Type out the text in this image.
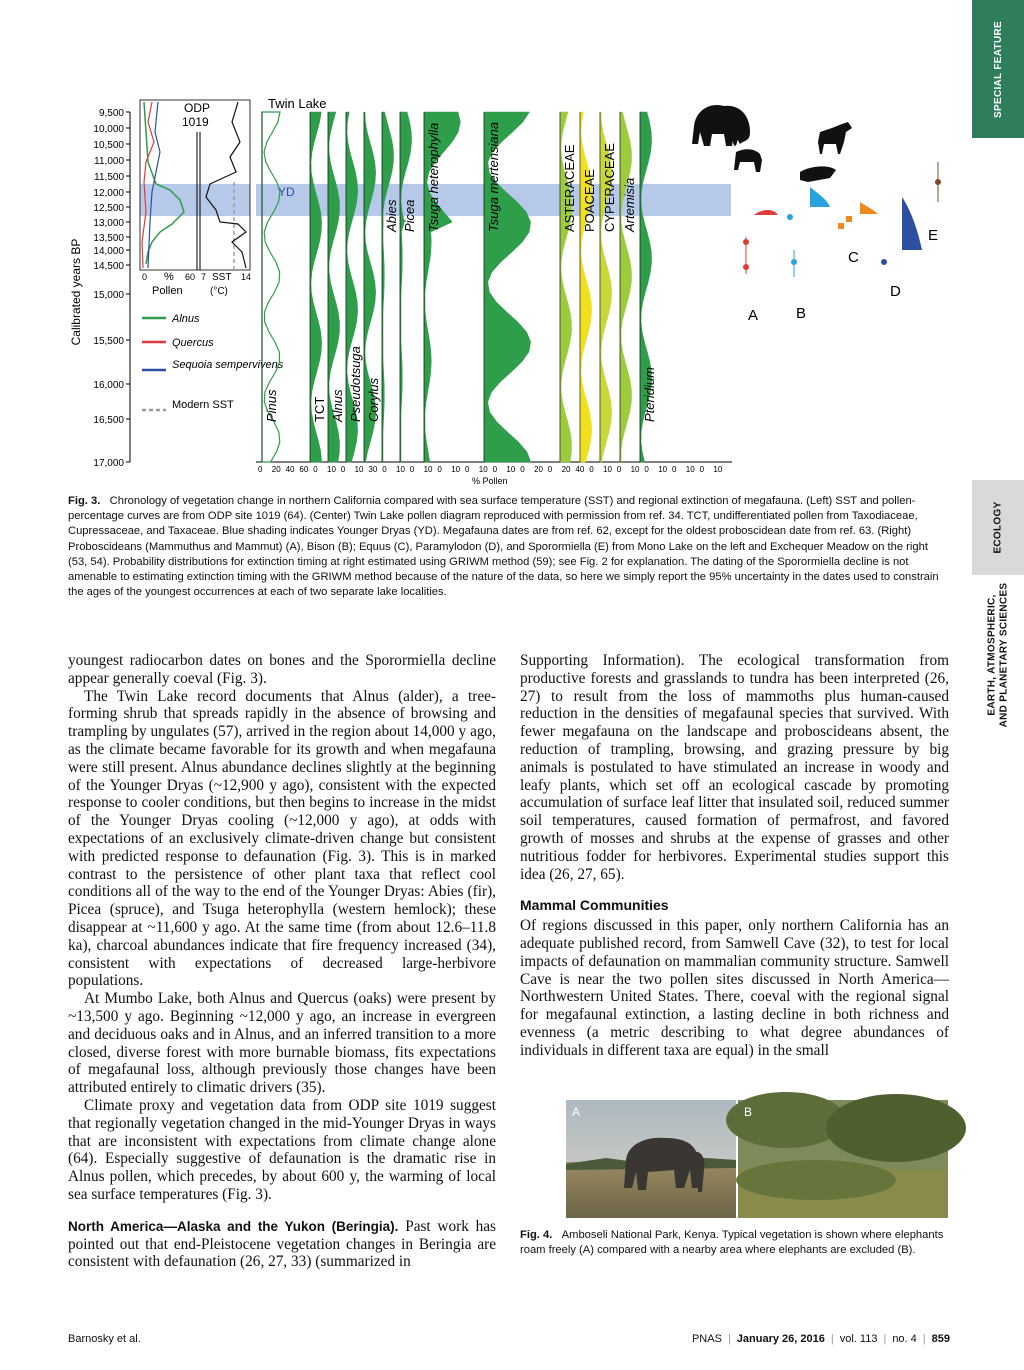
SPECIAL FEATURE
ECOLOGY
EARTH, ATMOSPHERIC,
AND PLANETARY SCIENCES
Calibrated years BP
9,500
10,000
10,500
11,000
11,500
12,000
12,500
13,000
13,500
14,000
14,500
15,000
15,500
16,000
16,500
17,000
ODP
1019
0	60 7	14
%
Pollen
SST
(°C)
Alnus
Quercus
Sequoia sempervivens
Modern SST
Twin Lake
YD
Pinus	TCT Alnus Pseudotsuga Corylus
Abies Picea Tsuga heterophylla	Tsuga mertensiana	ASTERACEAE POACEAE CYPERACEAE Artemisia
Pteridium
0 20 40 60 0 10 0 10 30 0 10 0 10 0 10 0 10 0 10 0 20 0 20 40 0 10 0 10 0 10 0 10 0 10
% Pollen
A	B
C
D
E
Fig. 3. Chronology of vegetation change in northern California compared with sea surface temperature (SST) and regional extinction of megafauna. (Left) SST and pollen-percentage curves are from ODP site 1019 (64). (Center) Twin Lake pollen diagram reproduced with permission from ref. 34. TCT, undifferentiated pollen from Taxodiaceae, Cupressaceae, and Taxaceae. Blue shading indicates Younger Dryas (YD). Megafauna dates are from ref. 62, except for the oldest proboscidean date from ref. 63. (Right) Proboscideans (Mammuthus and Mammut) (A), Bison (B); Equus (C), Paramylodon (D), and Sporormiella (E) from Mono Lake on the left and Exchequer Meadow on the right (53, 54). Probability distributions for extinction timing at right estimated using GRIWM method (59); see Fig. 2 for explanation. The dating of the Sporormiella decline is not amenable to estimating extinction timing with the GRIWM method because of the nature of the data, so here we simply report the 95% uncertainty in the dates used to constrain the ages of the youngest occurrences at each of two separate lake localities.

youngest radiocarbon dates on bones and the Sporormiella decline appear generally coeval (Fig. 3).

The Twin Lake record documents that Alnus (alder), a tree-forming shrub that spreads rapidly in the absence of browsing and trampling by ungulates (57), arrived in the region about 14,000 y ago, as the climate became favorable for its growth and when megafauna were still present. Alnus abundance declines slightly at the beginning of the Younger Dryas (~12,900 y ago), consistent with the expected response to cooler conditions, but then begins to increase in the midst of the Younger Dryas cooling (~12,000 y ago), at odds with expectations of an exclusively climate-driven change but consistent with predicted response to defaunation (Fig. 3). This is in marked contrast to the persistence of other plant taxa that reflect cool conditions all of the way to the end of the Younger Dryas: Abies (fir), Picea (spruce), and Tsuga heterophylla (western hemlock); these disappear at ~11,600 y ago. At the same time (from about 12.6–11.8 ka), charcoal abundances indicate that fire frequency increased (34), consistent with expectations of decreased large-herbivore populations.

At Mumbo Lake, both Alnus and Quercus (oaks) were present by ~13,500 y ago. Beginning ~12,000 y ago, an increase in evergreen and deciduous oaks and in Alnus, and an inferred transition to a more closed, diverse forest with more burnable biomass, fits expectations of megafaunal loss, although previously those changes have been attributed entirely to climatic drivers (35).

Climate proxy and vegetation data from ODP site 1019 suggest that regionally vegetation changed in the mid-Younger Dryas in ways that are inconsistent with expectations from climate change alone (64). Especially suggestive of defaunation is the dramatic rise in Alnus pollen, which precedes, by about 600 y, the warming of local sea surface temperatures (Fig. 3).

North America—Alaska and the Yukon (Beringia). Past work has pointed out that end-Pleistocene vegetation changes in Beringia are consistent with defaunation (26, 27, 33) (summarized in

Supporting Information). The ecological transformation from productive forests and grasslands to tundra has been interpreted (26, 27) to result from the loss of mammoths plus human-caused reduction in the densities of megafaunal species that survived. With fewer megafauna on the landscape and proboscideans absent, the reduction of trampling, browsing, and grazing pressure by big animals is postulated to have stimulated an increase in woody and leafy plants, which set off an ecological cascade by promoting accumulation of surface leaf litter that insulated soil, reduced summer soil temperatures, caused formation of permafrost, and favored growth of mosses and shrubs at the expense of grasses and other nutritious fodder for herbivores. Experimental studies support this idea (26, 27, 65).

Mammal Communities

Of regions discussed in this paper, only northern California has an adequate published record, from Samwell Cave (32), to test for local impacts of defaunation on mammalian community structure. Samwell Cave is near the two pollen sites discussed in North America—Northwestern United States. There, coeval with the regional signal for megafaunal extinction, a lasting decline in both richness and evenness (a metric describing to what degree abundances of individuals in different taxa are equal) in the small

A	B
Fig. 4. Amboseli National Park, Kenya. Typical vegetation is shown where elephants roam freely (A) compared with a nearby area where elephants are excluded (B).
Barnosky et al.	PNAS | January 26, 2016 | vol. 113 | no. 4 | 859
